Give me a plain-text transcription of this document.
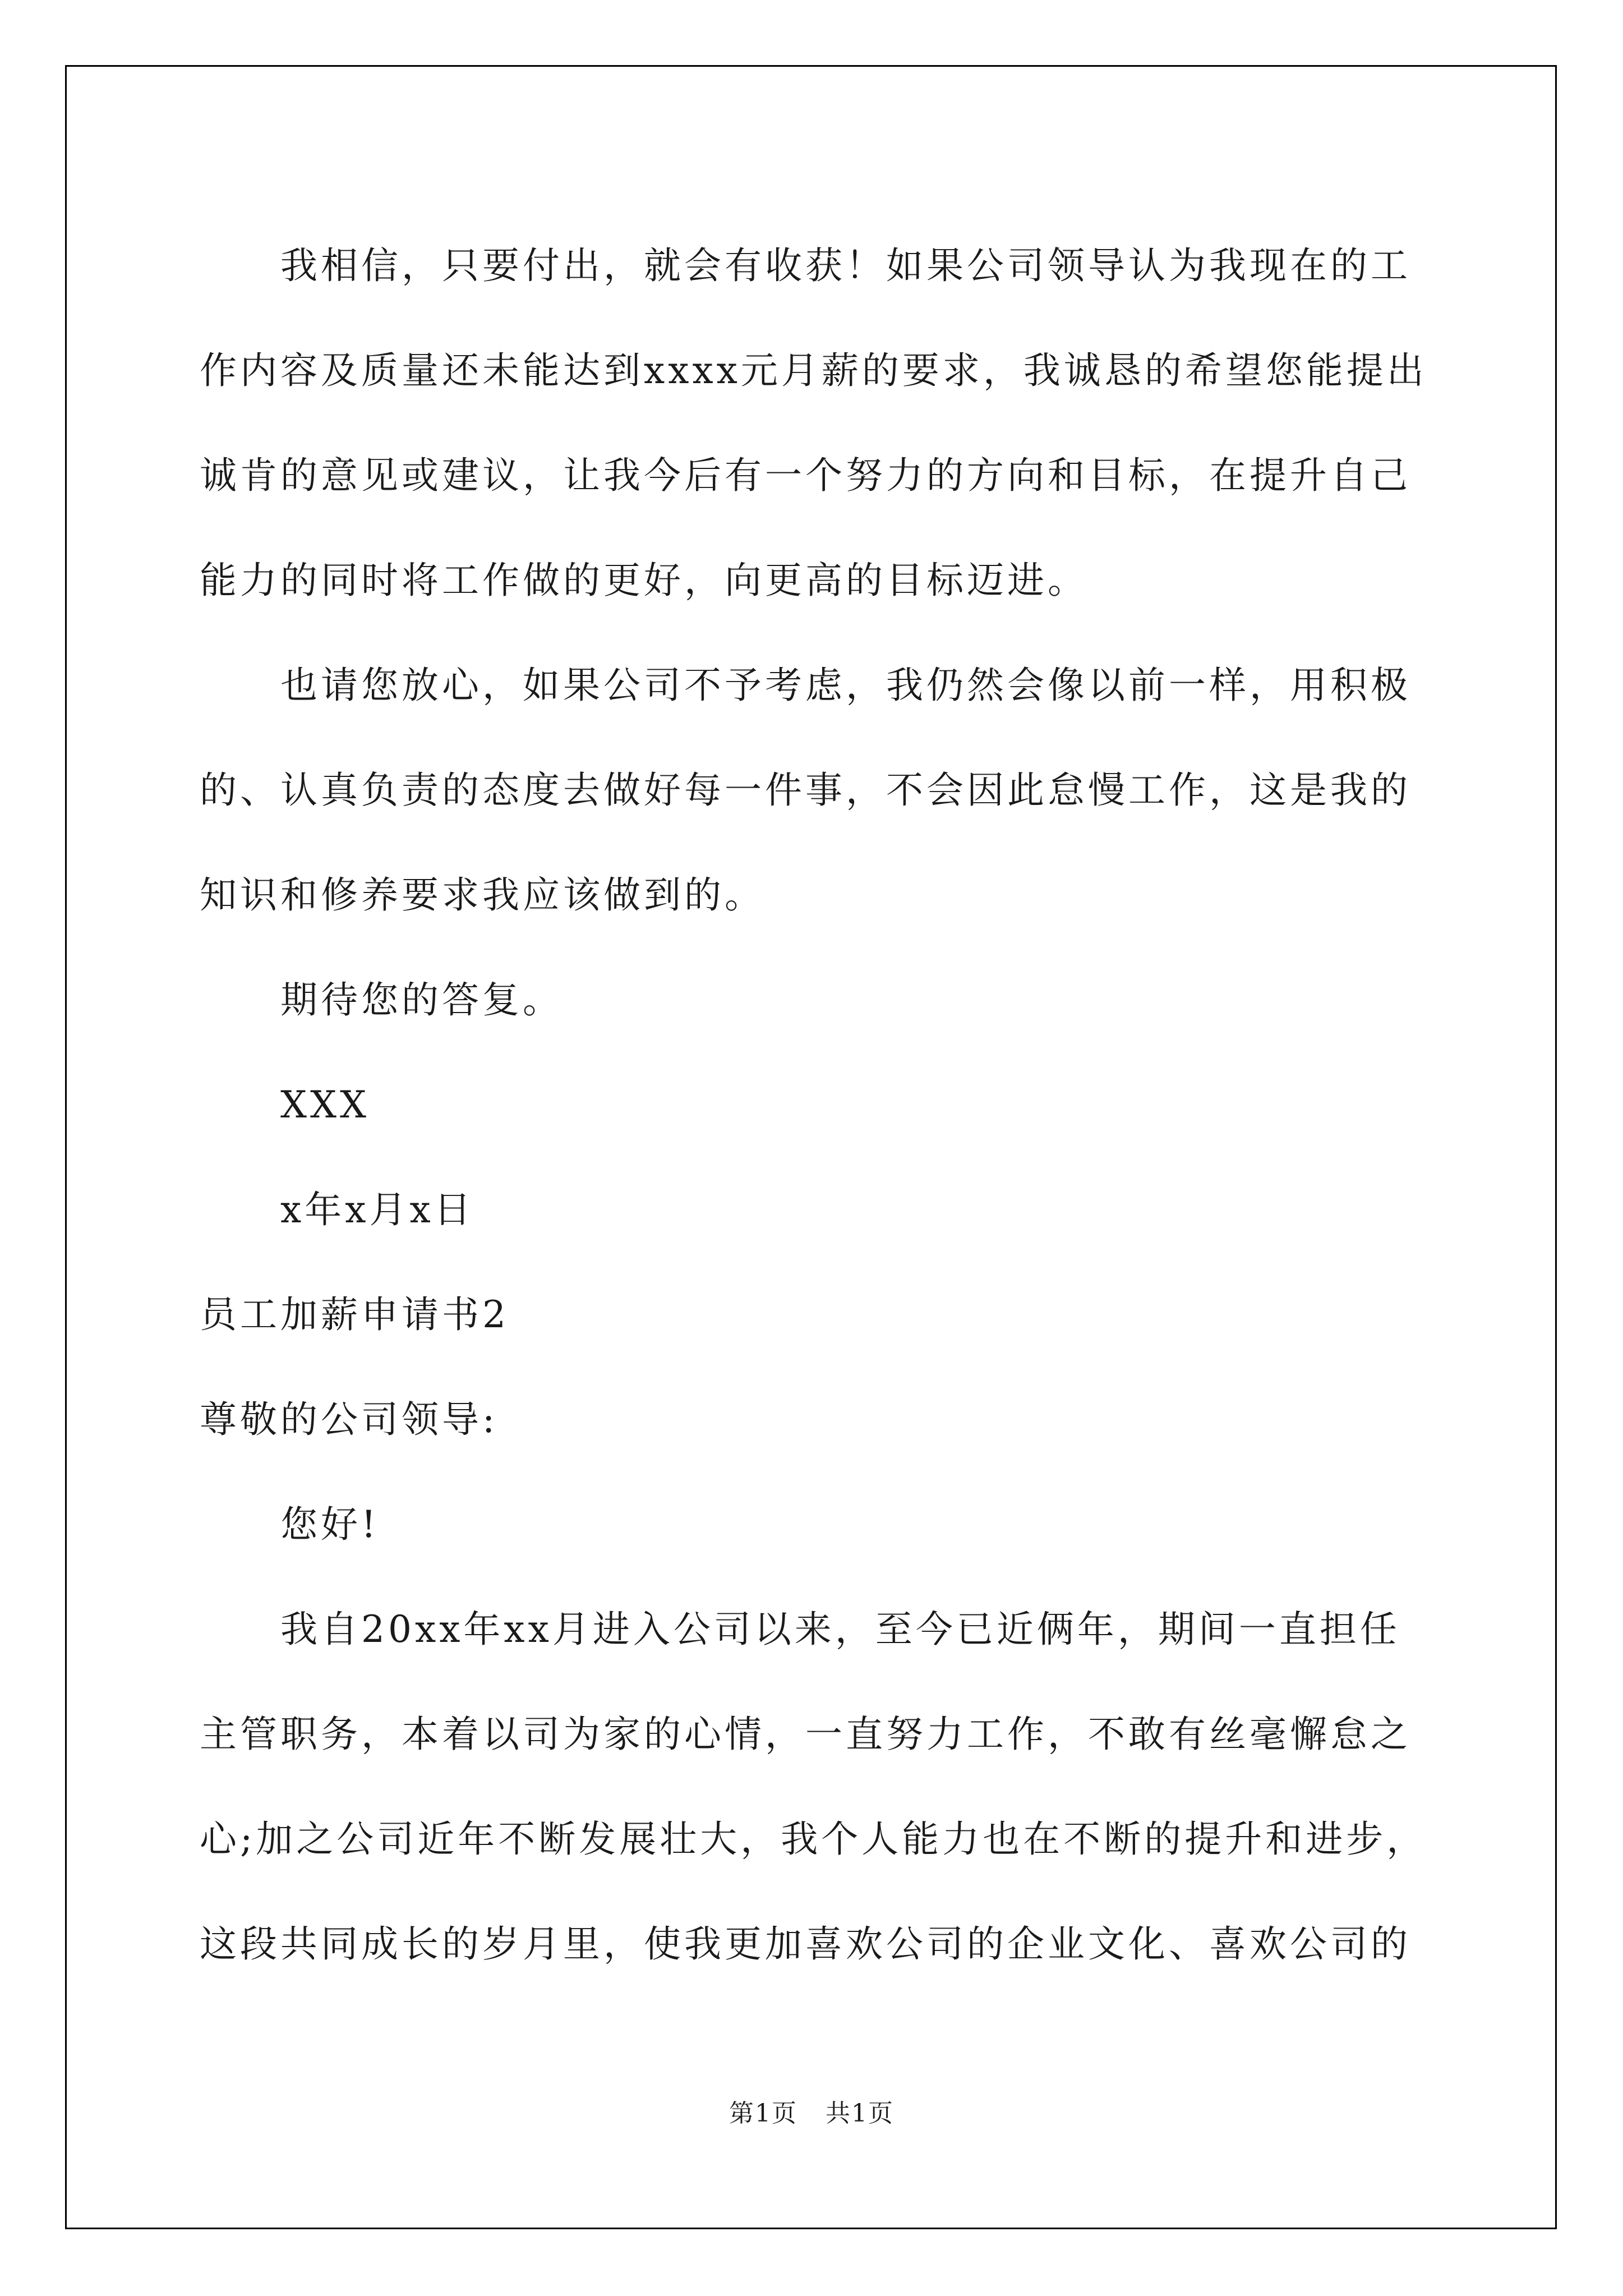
我相信，只要付出，就会有收获！如果公司领导认为我现在的工作内容及质量还未能达到xxxx元月薪的要求，我诚恳的希望您能提出诚肯的意见或建议，让我今后有一个努力的方向和目标，在提升自己能力的同时将工作做的更好，向更高的目标迈进。

也请您放心，如果公司不予考虑，我仍然会像以前一样，用积极的、认真负责的态度去做好每一件事，不会因此怠慢工作，这是我的知识和修养要求我应该做到的。

期待您的答复。

XXX

x年x月x日

员工加薪申请书2

尊敬的公司领导:

您好!

我自20xx年xx月进入公司以来，至今已近俩年，期间一直担任主管职务，本着以司为家的心情，一直努力工作，不敢有丝毫懈怠之心;加之公司近年不断发展壮大，我个人能力也在不断的提升和进步，这段共同成长的岁月里，使我更加喜欢公司的企业文化、喜欢公司的

第1页 共1页
